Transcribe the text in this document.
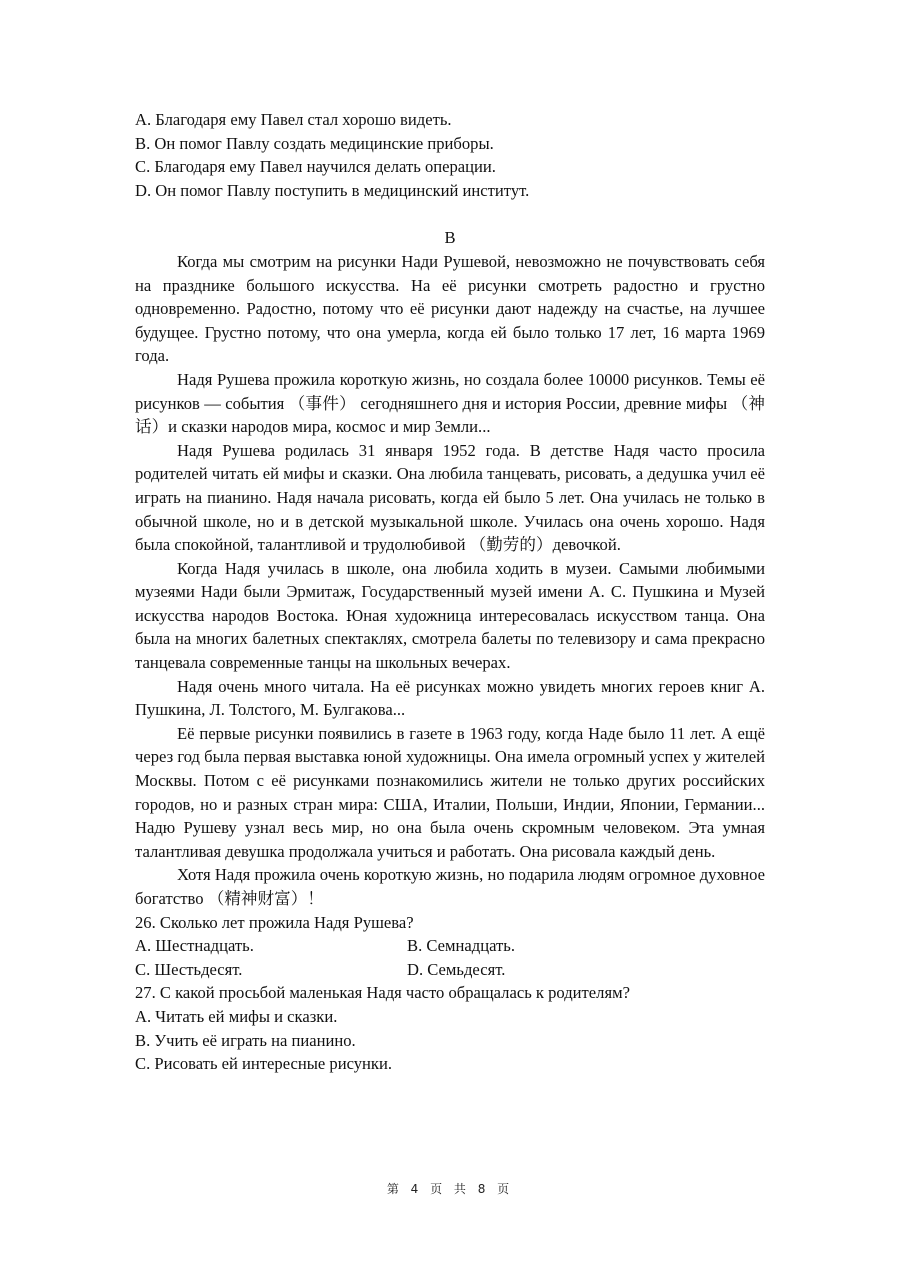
A. Благодаря ему Павел стал хорошо видеть.
B. Он помог Павлу создать медицинские приборы.
C. Благодаря ему Павел научился делать операции.
D. Он помог Павлу поступить в медицинский институт.
B

Когда мы смотрим на рисунки Нади Рушевой, невозможно не почувствовать себя на празднике большого искусства. На её рисунки смотреть радостно и грустно одновременно. Радостно, потому что её рисунки дают надежду на счастье, на лучшее будущее. Грустно потому, что она умерла, когда ей было только 17 лет, 16 марта 1969 года.

Надя Рушева прожила короткую жизнь, но создала более 10000 рисунков. Темы её рисунков — события （事件） сегодняшнего дня и история России, древние мифы （神话）и сказки народов мира, космос и мир Земли...

Надя Рушева родилась 31 января 1952 года. В детстве Надя часто просила родителей читать ей мифы и сказки. Она любила танцевать, рисовать, а дедушка учил её играть на пианино. Надя начала рисовать, когда ей было 5 лет. Она училась не только в обычной школе, но и в детской музыкальной школе. Училась она очень хорошо. Надя была спокойной, талантливой и трудолюбивой （勤劳的）девочкой.

Когда Надя училась в школе, она любила ходить в музеи. Самыми любимыми музеями Нади были Эрмитаж, Государственный музей имени А. С. Пушкина и Музей искусства народов Востока. Юная художница интересовалась искусством танца. Она была на многих балетных спектаклях, смотрела балеты по телевизору и сама прекрасно танцевала современные танцы на школьных вечерах.

Надя очень много читала. На её рисунках можно увидеть многих героев книг А. Пушкина, Л. Толстого, М. Булгакова...

Её первые рисунки появились в газете в 1963 году, когда Наде было 11 лет. А ещё через год была первая выставка юной художницы. Она имела огромный успех у жителей Москвы. Потом с её рисунками познакомились жители не только других российских городов, но и разных стран мира: США, Италии, Польши, Индии, Японии, Германии... Надю Рушеву узнал весь мир, но она была очень скромным человеком. Эта умная талантливая девушка продолжала учиться и работать. Она рисовала каждый день.

Хотя Надя прожила очень короткую жизнь, но подарила людям огромное духовное богатство （精神财富）！

26. Сколько лет прожила Надя Рушева?

A. Шестнадцать.	B. Семнадцать.
C. Шестьдесят.	D. Семьдесят.

27. С какой просьбой маленькая Надя часто обращалась к родителям?

A. Читать ей мифы и сказки.
B. Учить её играть на пианино.
C. Рисовать ей интересные рисунки.
第 4 页 共 8 页
